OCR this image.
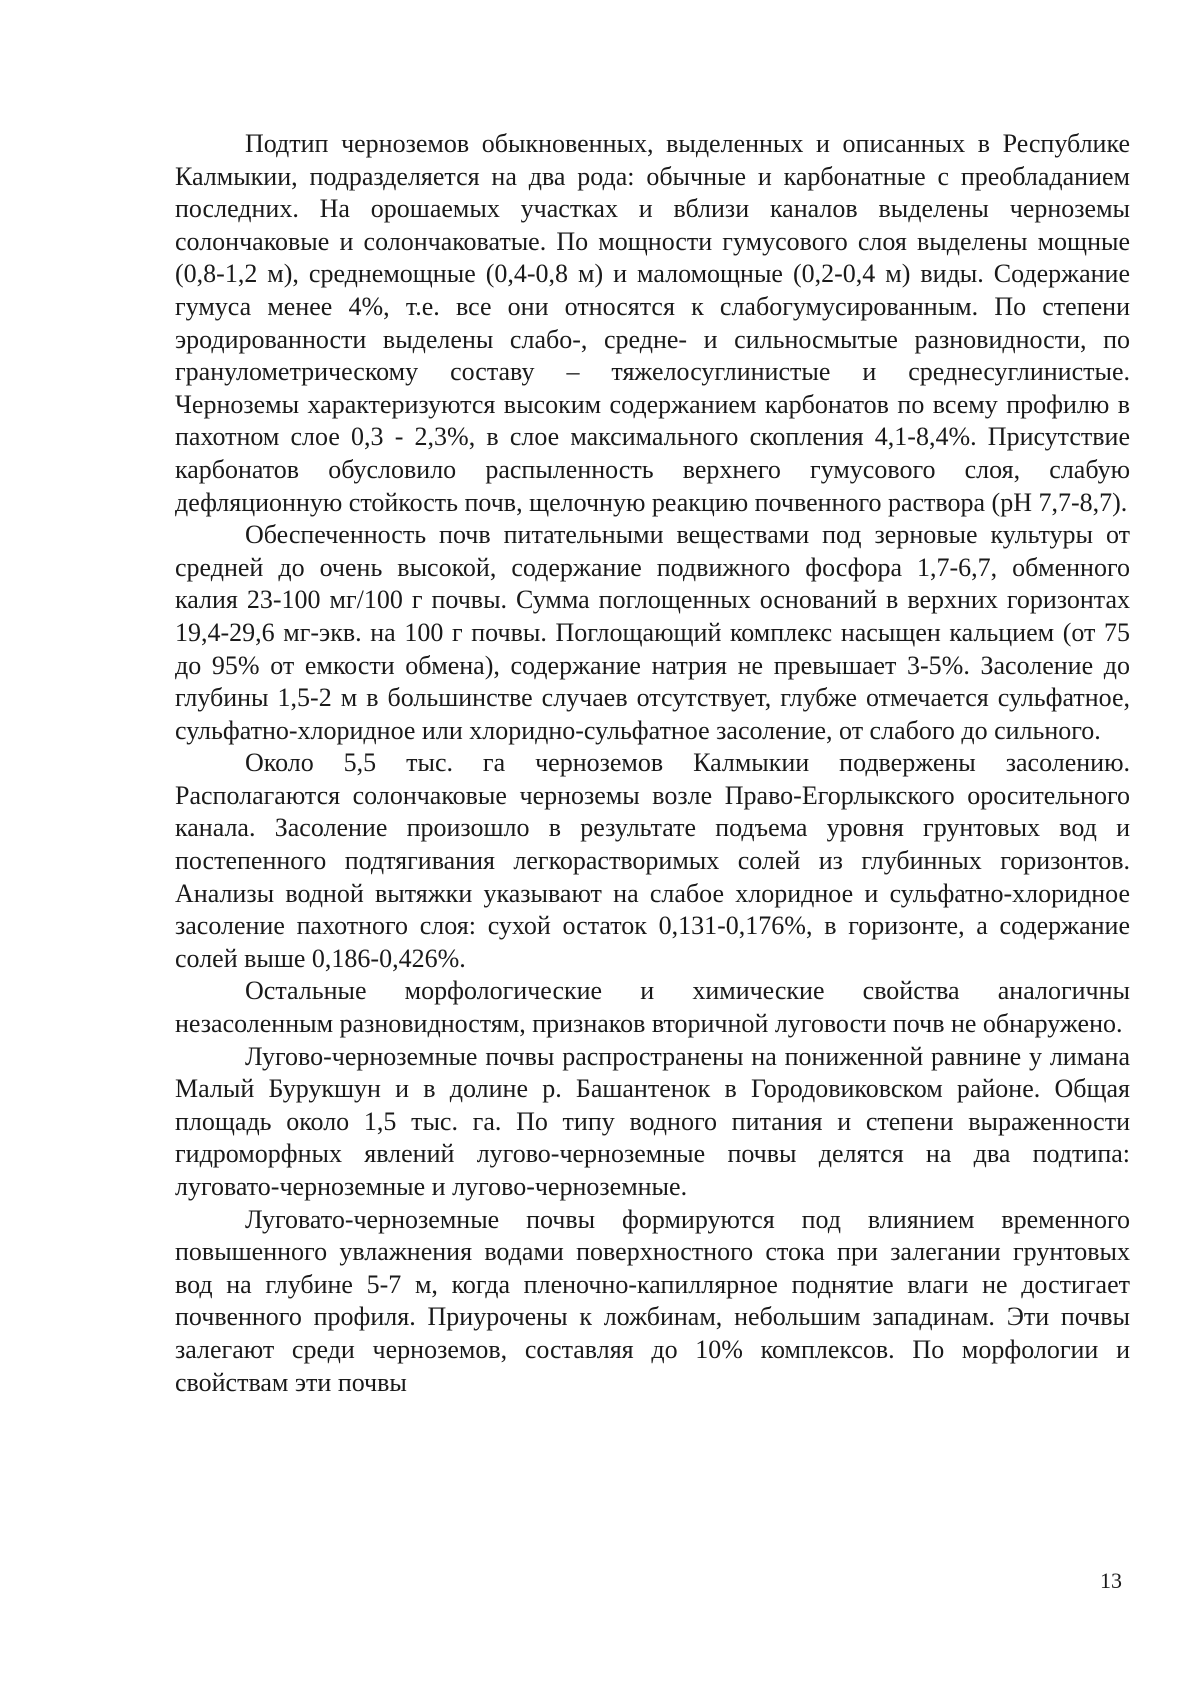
Подтип черноземов обыкновенных, выделенных и описанных в Республике Калмыкии, подразделяется на два рода: обычные и карбонатные с преобладанием последних. На орошаемых участках и вблизи каналов выделены черноземы солончаковые и солончаковатые. По мощности гумусового слоя выделены мощные (0,8-1,2 м), среднемощные (0,4-0,8 м) и маломощные (0,2-0,4 м) виды. Содержание гумуса менее 4%, т.е. все они относятся к слабогумусированным. По степени эродированности выделены слабо-, средне- и сильносмытые разновидности, по гранулометрическому составу – тяжелосуглинистые и среднесуглинистые. Черноземы характеризуются высоким содержанием карбонатов по всему профилю в пахотном слое 0,3 - 2,3%, в слое максимального скопления 4,1-8,4%. Присутствие карбонатов обусловило распыленность верхнего гумусового слоя, слабую дефляционную стойкость почв, щелочную реакцию почвенного раствора (рН 7,7-8,7).

Обеспеченность почв питательными веществами под зерновые культуры от средней до очень высокой, содержание подвижного фосфора 1,7-6,7, обменного калия 23-100 мг/100 г почвы. Сумма поглощенных оснований в верхних горизонтах 19,4-29,6 мг-экв. на 100 г почвы. Поглощающий комплекс насыщен кальцием (от 75 до 95% от емкости обмена), содержание натрия не превышает 3-5%. Засоление до глубины 1,5-2 м в большинстве случаев отсутствует, глубже отмечается сульфатное, сульфатно-хлоридное или хлоридно-сульфатное засоление, от слабого до сильного.

Около 5,5 тыс. га черноземов Калмыкии подвержены засолению. Располагаются солончаковые черноземы возле Право-Егорлыкского оросительного канала. Засоление произошло в результате подъема уровня грунтовых вод и постепенного подтягивания легкорастворимых солей из глубинных горизонтов. Анализы водной вытяжки указывают на слабое хлоридное и сульфатно-хлоридное засоление пахотного слоя: сухой остаток 0,131-0,176%, в горизонте, а содержание солей выше 0,186-0,426%.

Остальные морфологические и химические свойства аналогичны незасоленным разновидностям, признаков вторичной луговости почв не обнаружено.

Лугово-черноземные почвы распространены на пониженной равнине у лимана Малый Бурукшун и в долине р. Башантенок в Городовиковском районе. Общая площадь около 1,5 тыс. га. По типу водного питания и степени выраженности гидроморфных явлений лугово-черноземные почвы делятся на два подтипа: луговато-черноземные и лугово-черноземные.

Луговато-черноземные почвы формируются под влиянием временного повышенного увлажнения водами поверхностного стока при залегании грунтовых вод на глубине 5-7 м, когда пленочно-капиллярное поднятие влаги не достигает почвенного профиля. Приурочены к ложбинам, небольшим западинам. Эти почвы залегают среди черноземов, составляя до 10% комплексов. По морфологии и свойствам эти почвы

13
